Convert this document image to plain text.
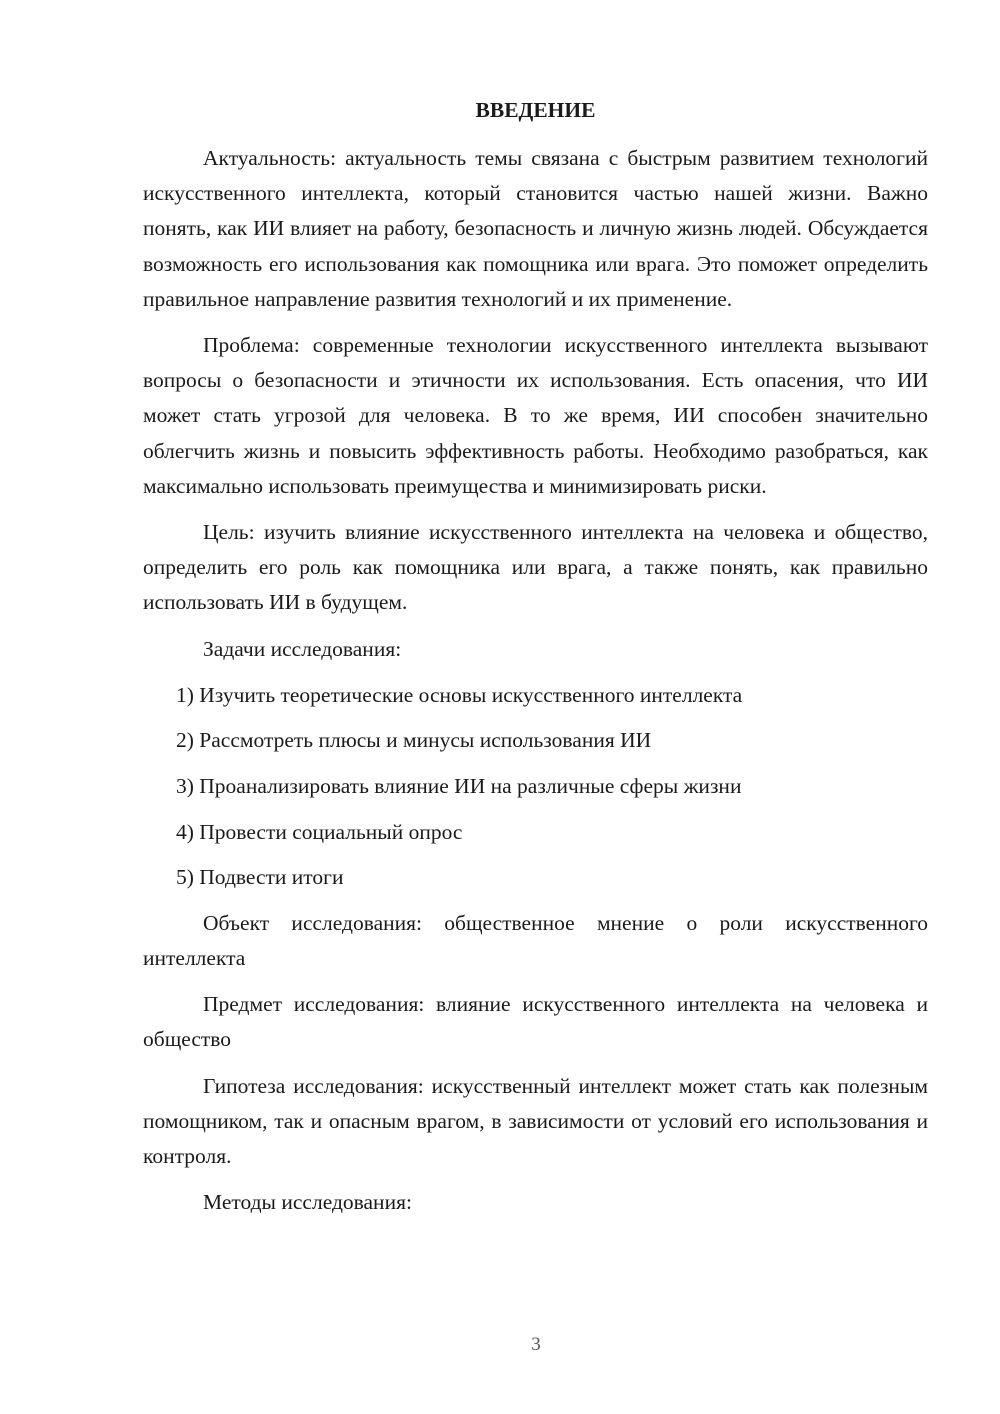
ВВЕДЕНИЕ

Актуальность: актуальность темы связана с быстрым развитием технологий искусственного интеллекта, который становится частью нашей жизни. Важно понять, как ИИ влияет на работу, безопасность и личную жизнь людей. Обсуждается возможность его использования как помощника или врага. Это поможет определить правильное направление развития технологий и их применение.

Проблема: современные технологии искусственного интеллекта вызывают вопросы о безопасности и этичности их использования. Есть опасения, что ИИ может стать угрозой для человека. В то же время, ИИ способен значительно облегчить жизнь и повысить эффективность работы. Необходимо разобраться, как максимально использовать преимущества и минимизировать риски.

Цель: изучить влияние искусственного интеллекта на человека и общество, определить его роль как помощника или врага, а также понять, как правильно использовать ИИ в будущем.

Задачи исследования:

1) Изучить теоретические основы искусственного интеллекта

2) Рассмотреть плюсы и минусы использования ИИ

3) Проанализировать влияние ИИ на различные сферы жизни

4) Провести социальный опрос

5) Подвести итоги

Объект исследования: общественное мнение о роли искусственного интеллекта

Предмет исследования: влияние искусственного интеллекта на человека и общество

Гипотеза исследования: искусственный интеллект может стать как полезным помощником, так и опасным врагом, в зависимости от условий его использования и контроля.

Методы исследования:

3
